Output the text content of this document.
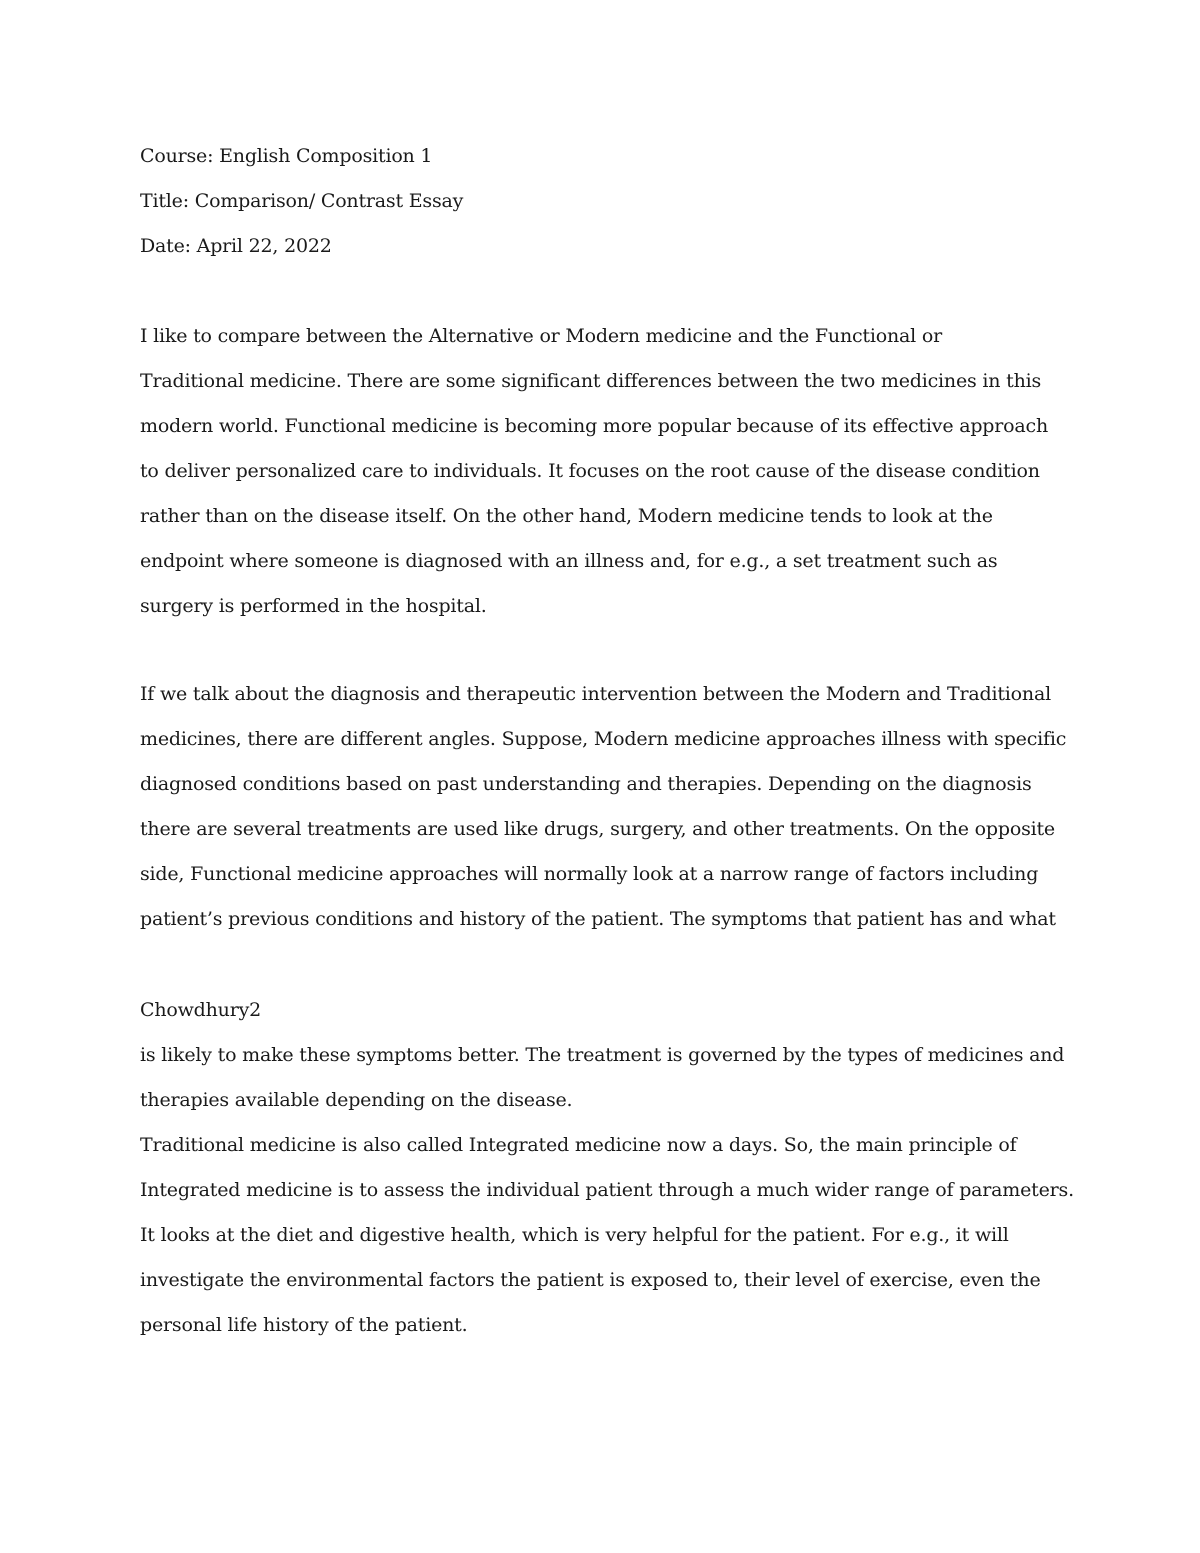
Course: English Composition 1
Title: Comparison/ Contrast Essay
Date: April 22, 2022
I like to compare between the Alternative or Modern medicine and the Functional or
Traditional medicine. There are some significant differences between the two medicines in this
modern world. Functional medicine is becoming more popular because of its effective approach
to deliver personalized care to individuals. It focuses on the root cause of the disease condition
rather than on the disease itself. On the other hand, Modern medicine tends to look at the
endpoint where someone is diagnosed with an illness and, for e.g., a set treatment such as
surgery is performed in the hospital.
If we talk about the diagnosis and therapeutic intervention between the Modern and Traditional
medicines, there are different angles. Suppose, Modern medicine approaches illness with specific
diagnosed conditions based on past understanding and therapies. Depending on the diagnosis
there are several treatments are used like drugs, surgery, and other treatments. On the opposite
side, Functional medicine approaches will normally look at a narrow range of factors including
patient’s previous conditions and history of the patient. The symptoms that patient has and what
Chowdhury2
is likely to make these symptoms better. The treatment is governed by the types of medicines and
therapies available depending on the disease.
Traditional medicine is also called Integrated medicine now a days. So, the main principle of
Integrated medicine is to assess the individual patient through a much wider range of parameters.
It looks at the diet and digestive health, which is very helpful for the patient. For e.g., it will
investigate the environmental factors the patient is exposed to, their level of exercise, even the
personal life history of the patient.
